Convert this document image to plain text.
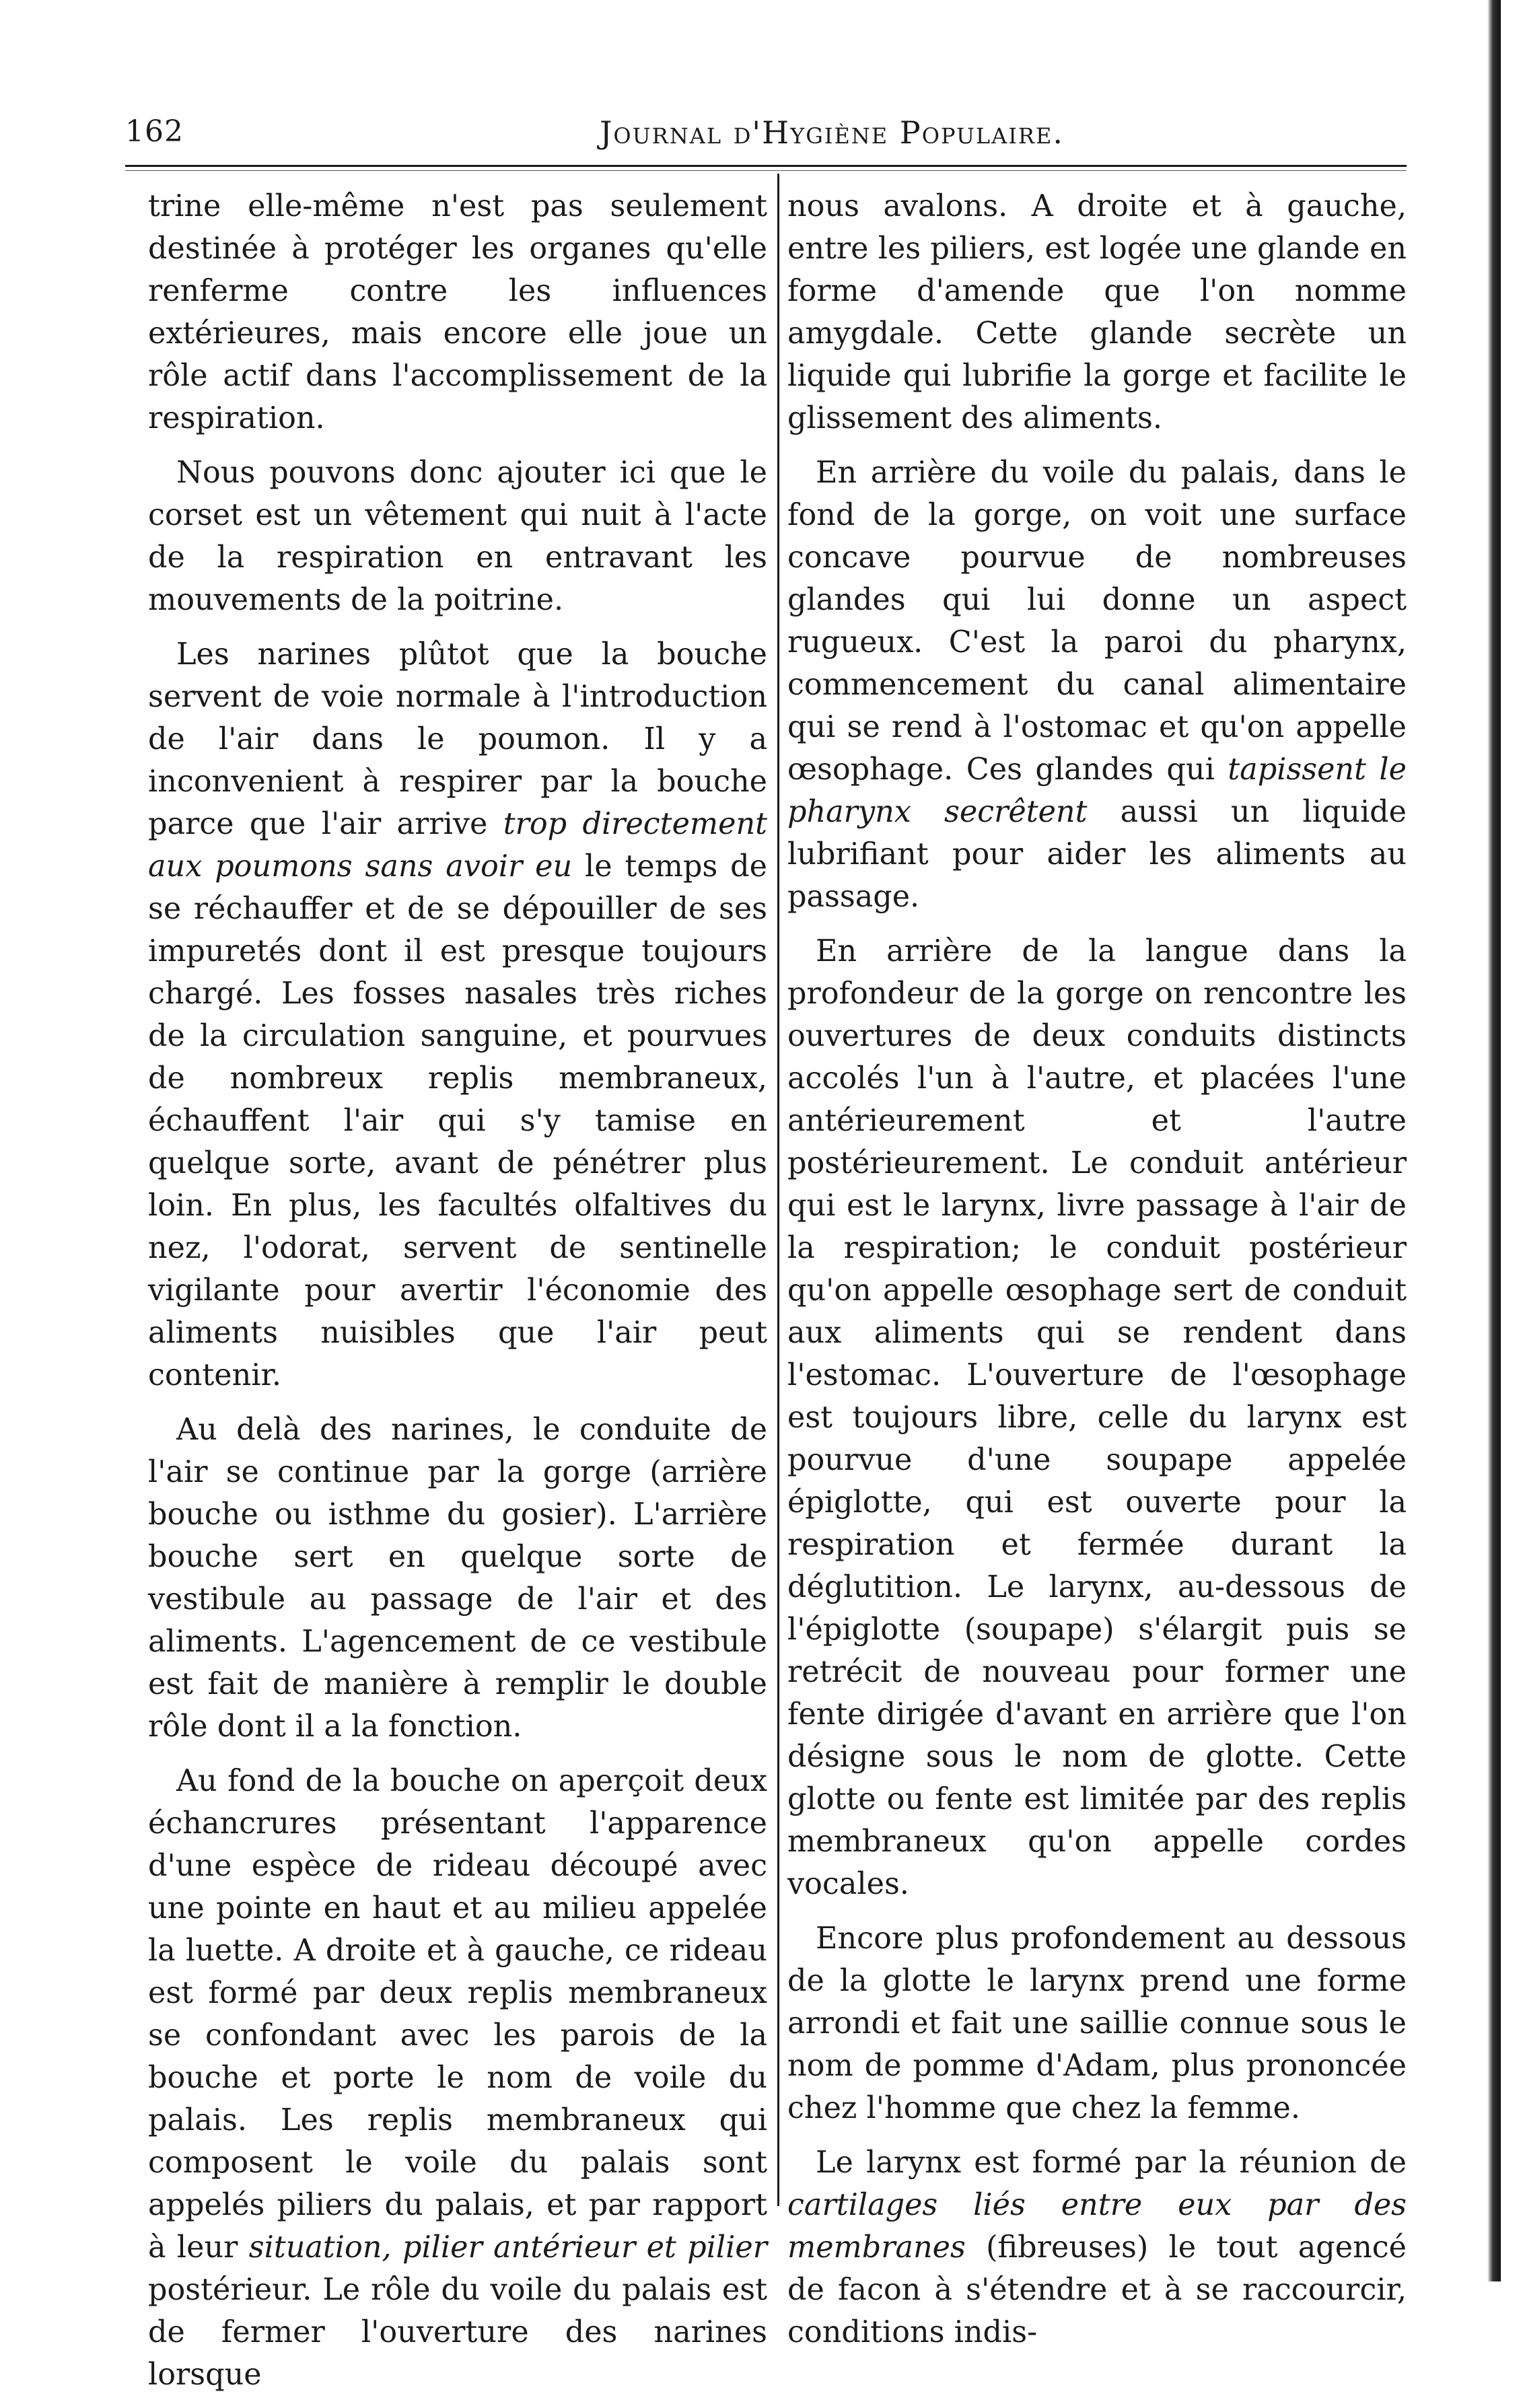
162	Journal d'Hygiène Populaire.

trine elle-même n'est pas seulement destinée à protéger les organes qu'elle renferme contre les influences extérieures, mais encore elle joue un rôle actif dans l'accomplissement de la respiration.

Nous pouvons donc ajouter ici que le corset est un vêtement qui nuit à l'acte de la respiration en entravant les mouvements de la poitrine.

Les narines plûtot que la bouche servent de voie normale à l'introduction de l'air dans le poumon. Il y a inconvenient à respirer par la bouche parce que l'air arrive trop directement aux poumons sans avoir eu le temps de se réchauffer et de se dépouiller de ses impuretés dont il est presque toujours chargé. Les fosses nasales très riches de la circulation sanguine, et pourvues de nombreux replis membraneux, échauffent l'air qui s'y tamise en quelque sorte, avant de pénétrer plus loin. En plus, les facultés olfaltives du nez, l'odorat, servent de sentinelle vigilante pour avertir l'économie des aliments nuisibles que l'air peut contenir.

Au delà des narines, le conduite de l'air se continue par la gorge (arrière bouche ou isthme du gosier). L'arrière bouche sert en quelque sorte de vestibule au passage de l'air et des aliments. L'agencement de ce vestibule est fait de manière à remplir le double rôle dont il a la fonction.

Au fond de la bouche on aperçoit deux échancrures présentant l'apparence d'une espèce de rideau découpé avec une pointe en haut et au milieu appelée la luette. A droite et à gauche, ce rideau est formé par deux replis membraneux se confondant avec les parois de la bouche et porte le nom de voile du palais. Les replis membraneux qui composent le voile du palais sont appelés piliers du palais, et par rapport à leur situation, pilier antérieur et pilier postérieur. Le rôle du voile du palais est de fermer l'ouverture des narines lorsque

nous avalons. A droite et à gauche, entre les piliers, est logée une glande en forme d'amende que l'on nomme amygdale. Cette glande secrète un liquide qui lubrifie la gorge et facilite le glissement des aliments.

En arrière du voile du palais, dans le fond de la gorge, on voit une surface concave pourvue de nombreuses glandes qui lui donne un aspect rugueux. C'est la paroi du pharynx, commencement du canal alimentaire qui se rend à l'ostomac et qu'on appelle œsophage. Ces glandes qui tapissent le pharynx secrêtent aussi un liquide lubrifiant pour aider les aliments au passage.

En arrière de la langue dans la profondeur de la gorge on rencontre les ouvertures de deux conduits distincts accolés l'un à l'autre, et placées l'une antérieurement et l'autre postérieurement. Le conduit antérieur qui est le larynx, livre passage à l'air de la respiration; le conduit postérieur qu'on appelle œsophage sert de conduit aux aliments qui se rendent dans l'estomac. L'ouverture de l'œsophage est toujours libre, celle du larynx est pourvue d'une soupape appelée épiglotte, qui est ouverte pour la respiration et fermée durant la déglutition. Le larynx, au-dessous de l'épiglotte (soupape) s'élargit puis se retrécit de nouveau pour former une fente dirigée d'avant en arrière que l'on désigne sous le nom de glotte. Cette glotte ou fente est limitée par des replis membraneux qu'on appelle cordes vocales.

Encore plus profondement au dessous de la glotte le larynx prend une forme arrondi et fait une saillie connue sous le nom de pomme d'Adam, plus prononcée chez l'homme que chez la femme.

Le larynx est formé par la réunion de cartilages liés entre eux par des membranes (fibreuses) le tout agencé de facon à s'étendre et à se raccourcir, conditions indis-
